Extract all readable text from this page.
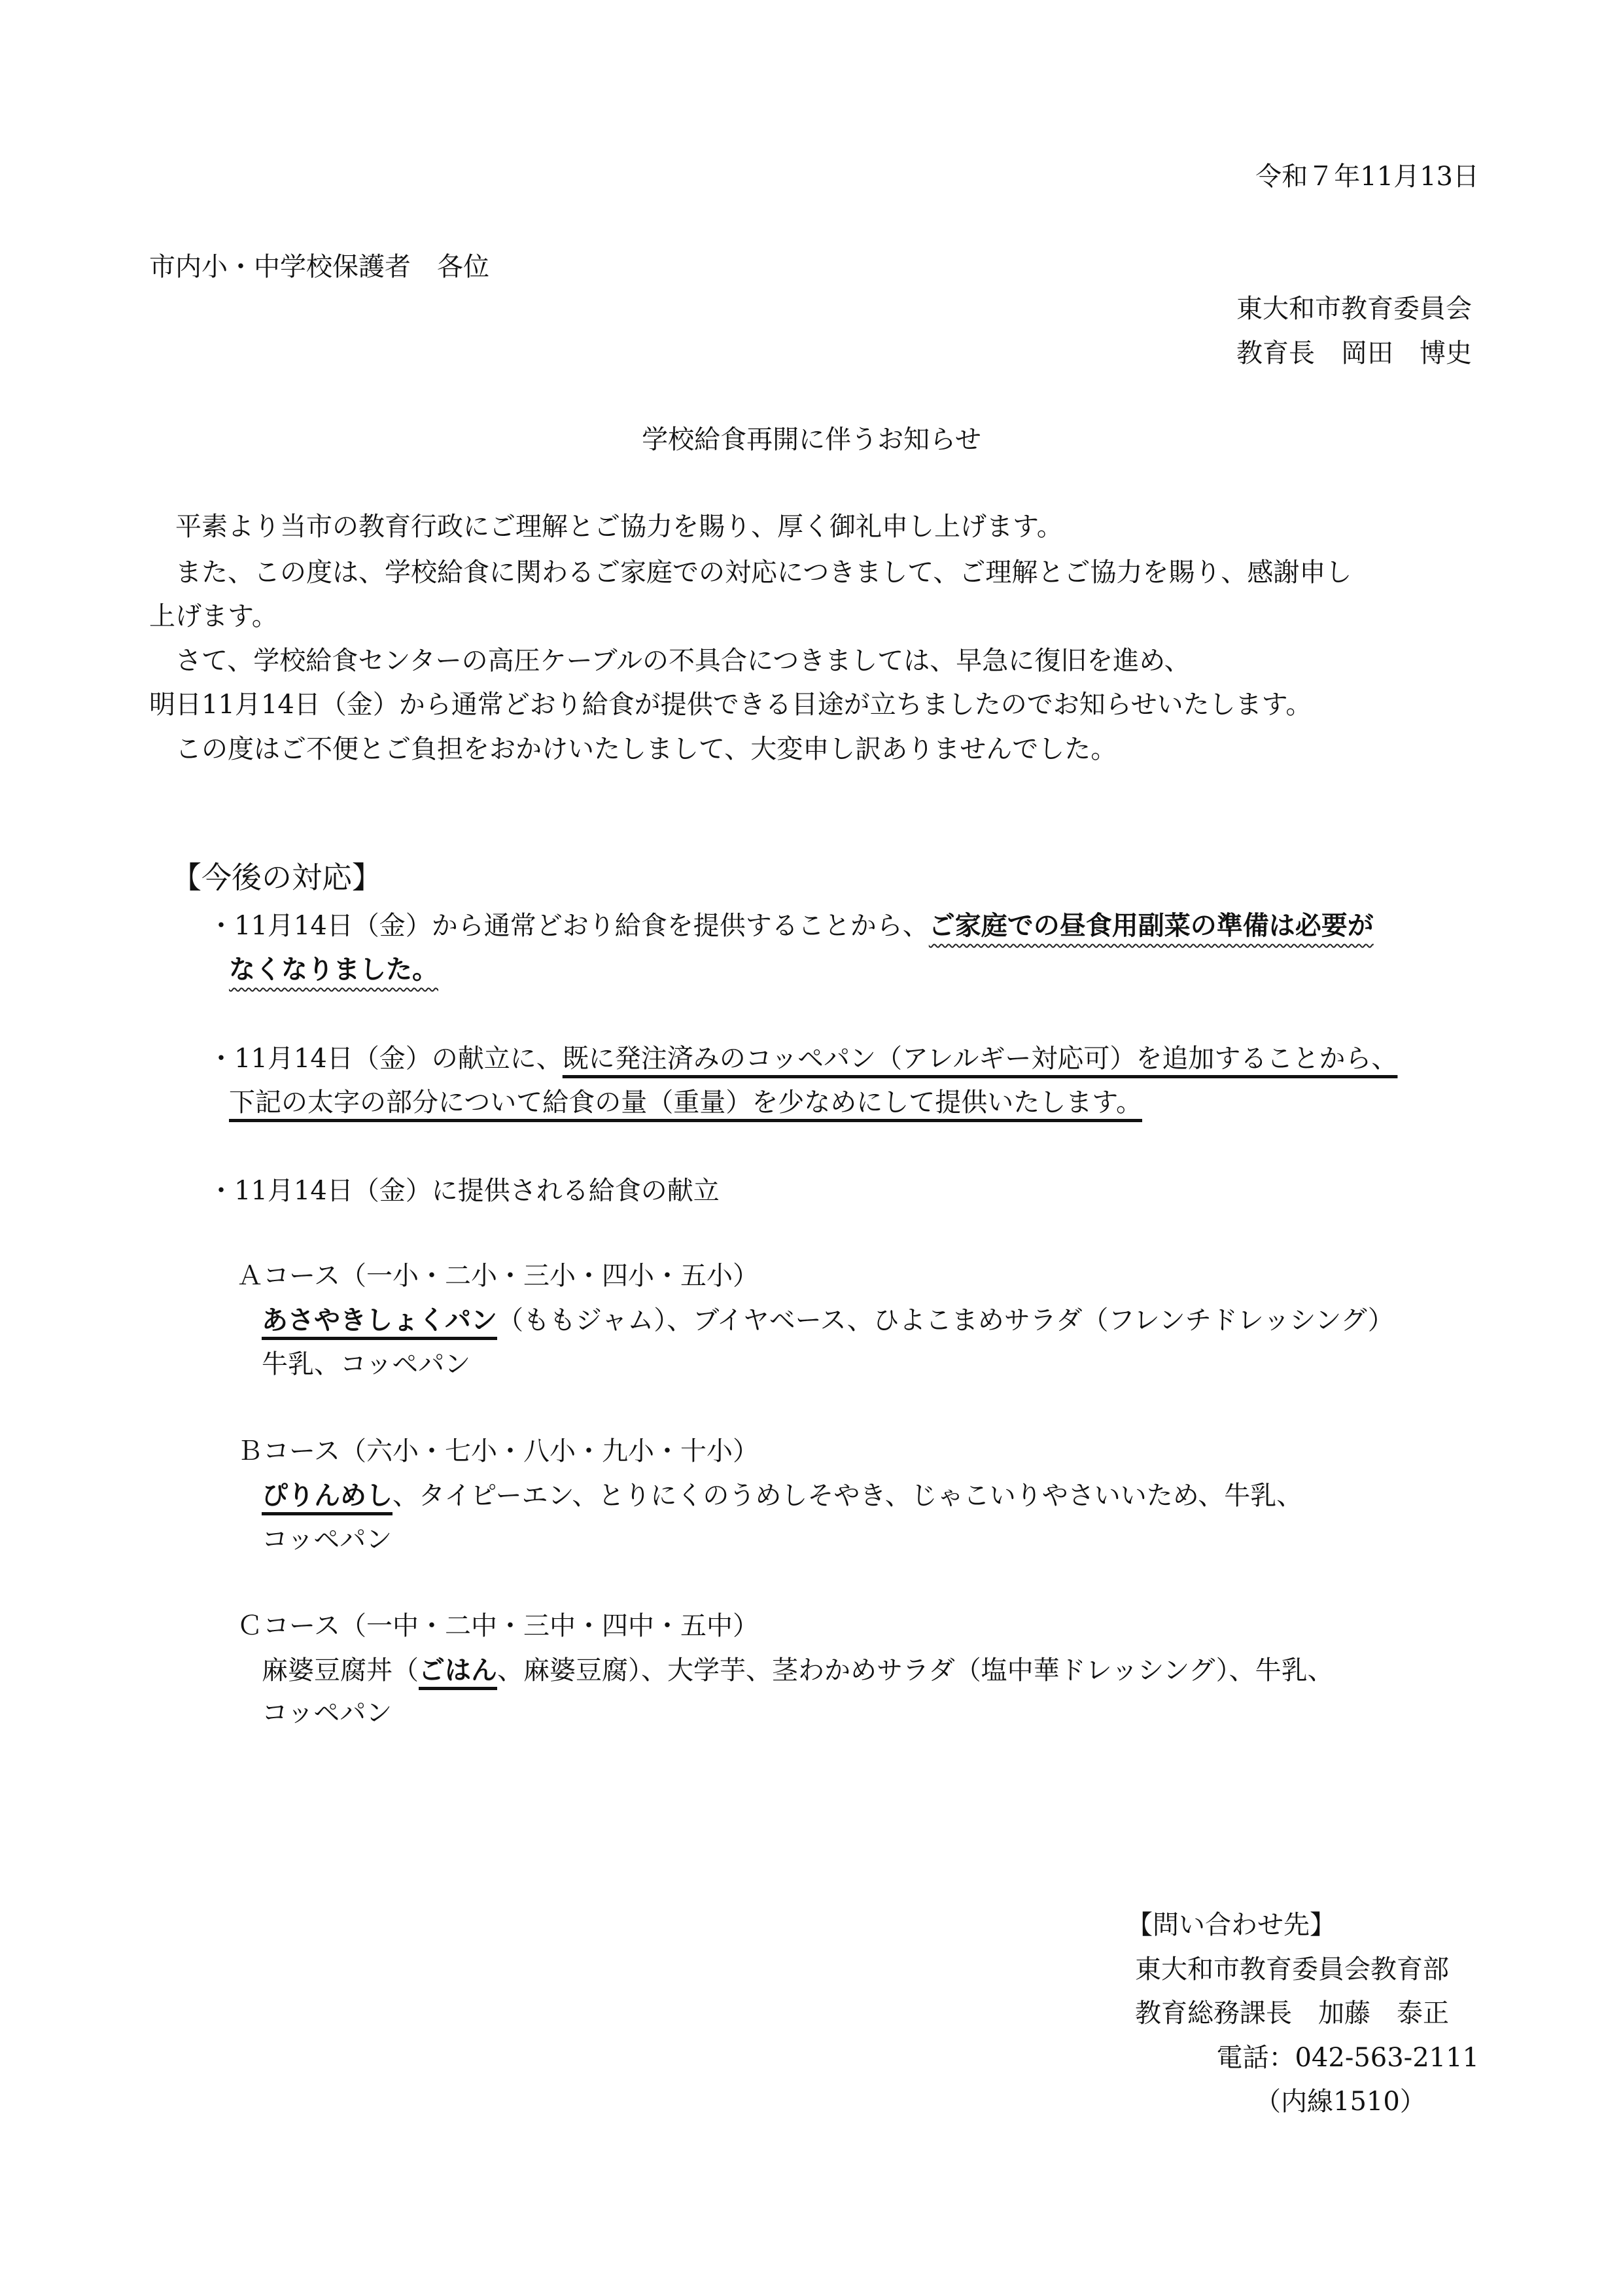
令和７年11月13日
市内小・中学校保護者　各位
東大和市教育委員会
教育長　岡田　博史
学校給食再開に伴うお知らせ
　平素より当市の教育行政にご理解とご協力を賜り、厚く御礼申し上げます。
　また、この度は、学校給食に関わるご家庭での対応につきまして、ご理解とご協力を賜り、感謝申し
上げます。
　さて、学校給食センターの高圧ケーブルの不具合につきましては、早急に復旧を進め、
明日11月14日（金）から通常どおり給食が提供できる目途が立ちましたのでお知らせいたします。
　この度はご不便とご負担をおかけいたしまして、大変申し訳ありませんでした。
【今後の対応】
・11月14日（金）から通常どおり給食を提供することから、ご家庭での昼食用副菜の準備は必要が
なくなりました。
・11月14日（金）の献立に、既に発注済みのコッペパン（アレルギー対応可）を追加することから、
下記の太字の部分について給食の量（重量）を少なめにして提供いたします。
・11月14日（金）に提供される給食の献立
Ａコース（一小・二小・三小・四小・五小）
あさやきしょくパン（ももジャム）、ブイヤベース、ひよこまめサラダ（フレンチドレッシング）
牛乳、コッペパン
Ｂコース（六小・七小・八小・九小・十小）
ぴりんめし、タイピーエン、とりにくのうめしそやき、じゃこいりやさいいため、牛乳、
コッペパン
Ｃコース（一中・二中・三中・四中・五中）
麻婆豆腐丼（ごはん、麻婆豆腐）、大学芋、茎わかめサラダ（塩中華ドレッシング）、牛乳、
コッペパン
【問い合わせ先】
東大和市教育委員会教育部
教育総務課長　加藤　泰正
電話：042-563-2111
（内線1510）
